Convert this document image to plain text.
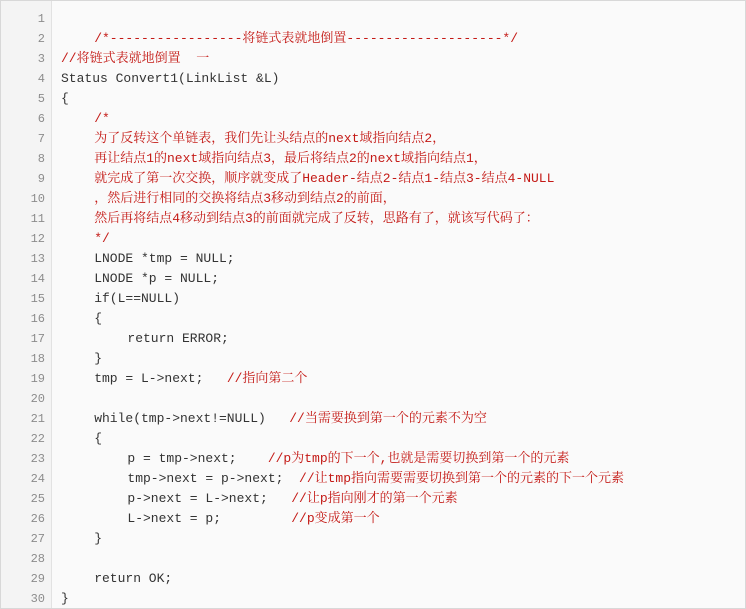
1
2	/*-----------------将链式表就地倒置--------------------*/
3 //将链式表就地倒置  一
4 Status Convert1(LinkList &L)
5 {
6	/*
7	为了反转这个单链表，我们先让头结点的next域指向结点2，
8	再让结点1的next域指向结点3，最后将结点2的next域指向结点1，
9	就完成了第一次交换，顺序就变成了Header-结点2-结点1-结点3-结点4-NULL
10	，然后进行相同的交换将结点3移动到结点2的前面，
11	然后再将结点4移动到结点3的前面就完成了反转，思路有了，就该写代码了：
12	*/
13	LNODE *tmp = NULL;
14	LNODE *p = NULL;
15	if(L==NULL)
16	{
17	return ERROR;
18	}
19	tmp = L->next;   //指向第二个
20
21	while(tmp->next!=NULL)   //当需要换到第一个的元素不为空
22	{
23	p = tmp->next;    //p为tmp的下一个,也就是需要切换到第一个的元素
24	tmp->next = p->next;  //让tmp指向需要需要切换到第一个的元素的下一个元素
25	p->next = L->next;   //让p指向刚才的第一个元素
26	L->next = p;         //p变成第一个
27	}
28
29	return OK;
30 }
